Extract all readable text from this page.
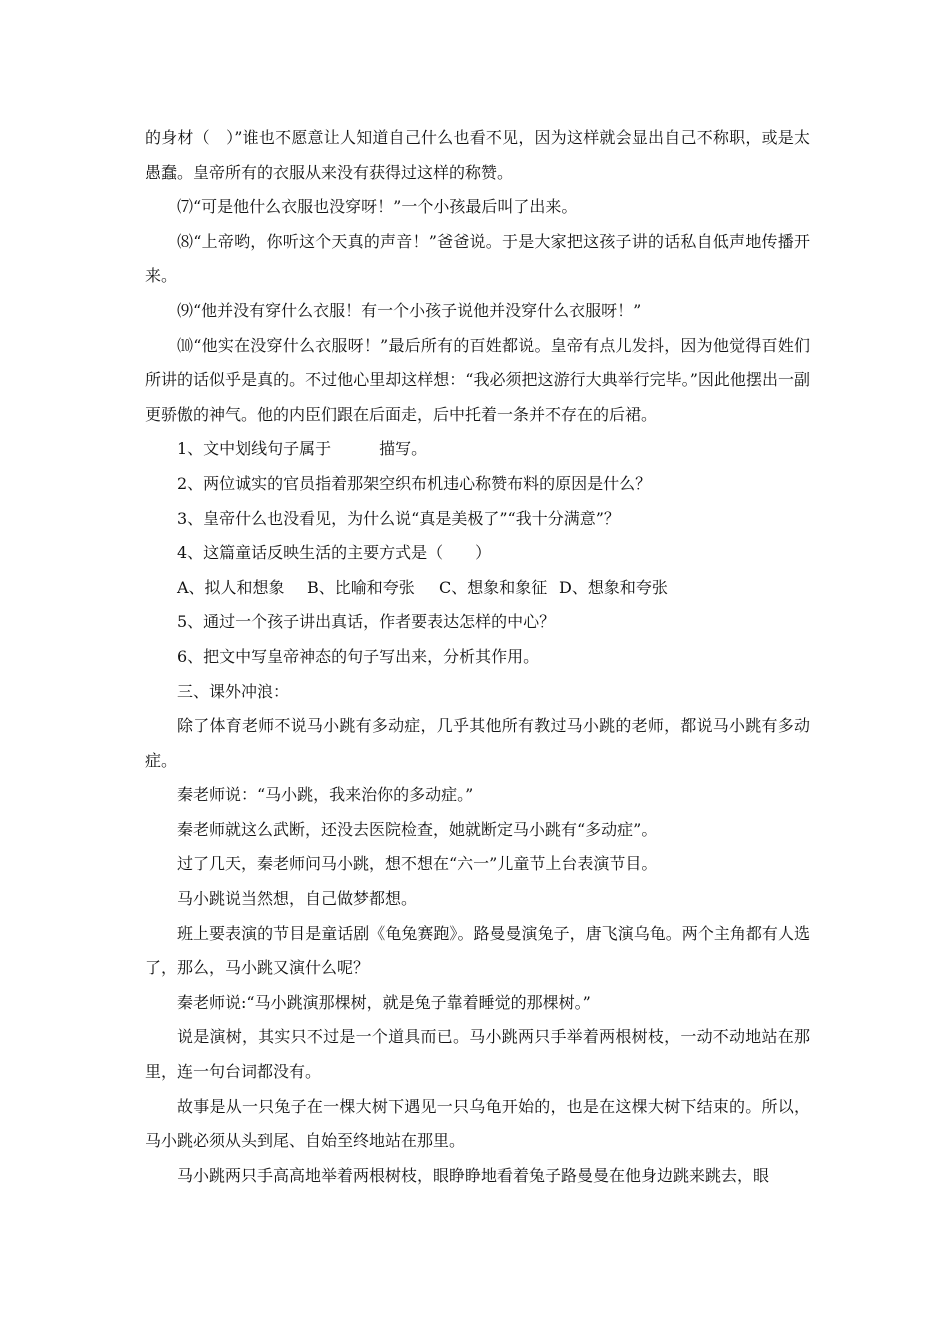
的身材（　）”谁也不愿意让人知道自己什么也看不见，因为这样就会显出自己不称职，或是太愚蠢。皇帝所有的衣服从来没有获得过这样的称赞。

⑺“可是他什么衣服也没穿呀！”一个小孩最后叫了出来。

⑻“上帝哟，你听这个天真的声音！”爸爸说。于是大家把这孩子讲的话私自低声地传播开来。

⑼“他并没有穿什么衣服！有一个小孩子说他并没穿什么衣服呀！”

⑽“他实在没穿什么衣服呀！”最后所有的百姓都说。皇帝有点儿发抖，因为他觉得百姓们所讲的话似乎是真的。不过他心里却这样想：“我必须把这游行大典举行完毕。”因此他摆出一副更骄傲的神气。他的内臣们跟在后面走，后中托着一条并不存在的后裙。

1、文中划线句子属于　　　描写。

2、两位诚实的官员指着那架空织布机违心称赞布料的原因是什么？

3、皇帝什么也没看见，为什么说“真是美极了”“我十分满意”？

4、这篇童话反映生活的主要方式是（　　）

A、拟人和想象	B、比喻和夸张	C、想象和象征 D、想象和夸张

5、通过一个孩子讲出真话，作者要表达怎样的中心？

6、把文中写皇帝神态的句子写出来，分析其作用。

三、课外冲浪：

除了体育老师不说马小跳有多动症，几乎其他所有教过马小跳的老师，都说马小跳有多动症。

秦老师说：“马小跳，我来治你的多动症。”

秦老师就这么武断，还没去医院检查，她就断定马小跳有“多动症”。

过了几天，秦老师问马小跳，想不想在“六一”儿童节上台表演节目。

马小跳说当然想，自己做梦都想。

班上要表演的节目是童话剧《龟兔赛跑》。路曼曼演兔子，唐飞演乌龟。两个主角都有人选了，那么，马小跳又演什么呢？

秦老师说:“马小跳演那棵树，就是兔子靠着睡觉的那棵树。”

说是演树，其实只不过是一个道具而已。马小跳两只手举着两根树枝，一动不动地站在那里，连一句台词都没有。

故事是从一只兔子在一棵大树下遇见一只乌龟开始的，也是在这棵大树下结束的。所以，马小跳必须从头到尾、自始至终地站在那里。

马小跳两只手高高地举着两根树枝，眼睁睁地看着兔子路曼曼在他身边跳来跳去，眼
